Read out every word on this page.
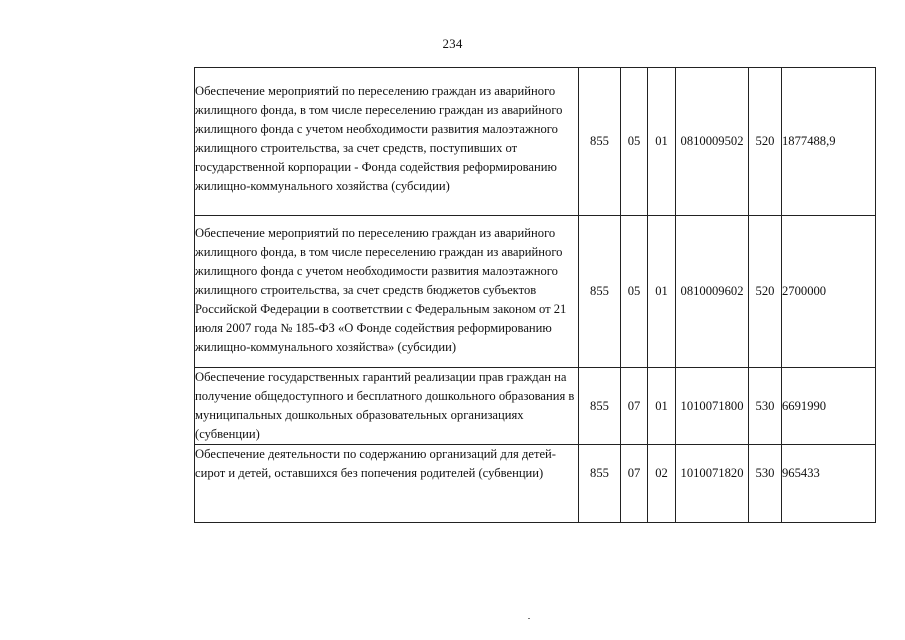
234
Обеспечение мероприятий по переселению граждан из аварийного жилищного фонда, в том числе переселению граждан из аварийного жилищного фонда с учетом необходимости развития малоэтажного жилищного строительства, за счет средств, поступивших от государственной корпорации - Фонда содействия реформированию жилищно-коммунального хозяйства (субсидии)	855	05	01	0810009502	520	1877488,9

Обеспечение мероприятий по переселению граждан из аварийного жилищного фонда, в том числе переселению граждан из аварийного жилищного фонда с учетом необходимости развития малоэтажного жилищного строительства, за счет средств бюджетов субъектов Российской Федерации в соответствии с Федеральным законом от 21 июля 2007 года № 185-ФЗ «О Фонде содействия реформированию жилищно-коммунального хозяйства» (субсидии)	855	05	01	0810009602	520	2700000

Обеспечение государственных гарантий реализации прав граждан на получение общедоступного и бесплатного дошкольного образования в муниципальных дошкольных образовательных организациях (субвенции)	855	07	01	1010071800	530	6691990

Обеспечение деятельности по содержанию организаций для детей-сирот и детей, оставшихся без попечения родителей (субвенции)	855	07	02	1010071820	530	965433
